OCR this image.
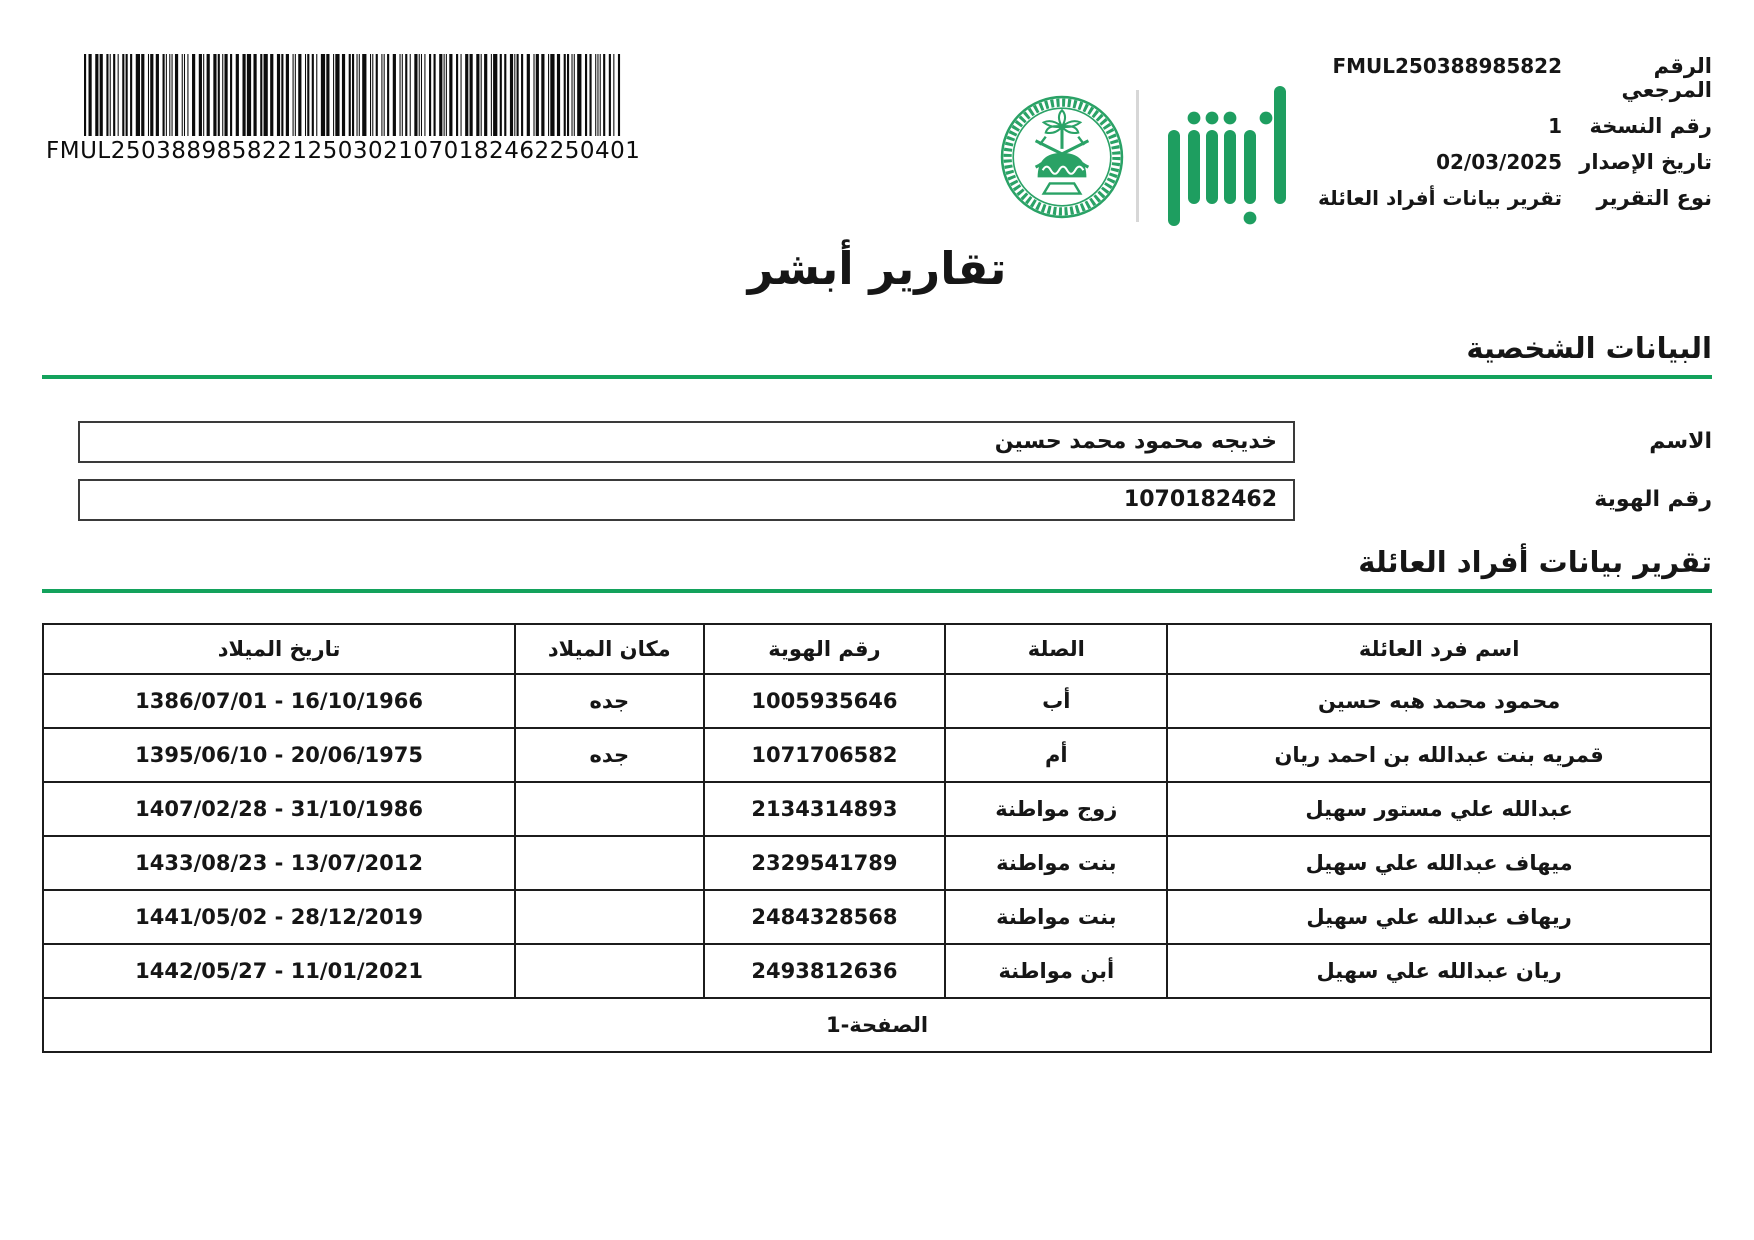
FMUL25038898582212503021070182462250401
الرقم المرجعي
FMUL250388985822
رقم النسخة
1
تاريخ الإصدار
02/03/2025
نوع التقرير
تقرير بيانات أفراد العائلة
تقارير أبشر
البيانات الشخصية
الاسم
خديجه محمود محمد حسين
رقم الهوية
1070182462
تقرير بيانات أفراد العائلة
اسم فرد العائلة	الصلة	رقم الهوية	مكان الميلاد	تاريخ الميلاد
محمود محمد هبه حسين	أب	1005935646	جده	1386/07/01 - 16/10/1966
قمريه بنت عبدالله بن احمد ريان	أم	1071706582	جده	1395/06/10 - 20/06/1975
عبدالله علي مستور سهيل	زوج مواطنة	2134314893		1407/02/28 - 31/10/1986
ميهاف عبدالله علي سهيل	بنت مواطنة	2329541789		1433/08/23 - 13/07/2012
ريهاف عبدالله علي سهيل	بنت مواطنة	2484328568		1441/05/02 - 28/12/2019
ريان عبدالله علي سهيل	أبن مواطنة	2493812636		1442/05/27 - 11/01/2021
الصفحة-1				
